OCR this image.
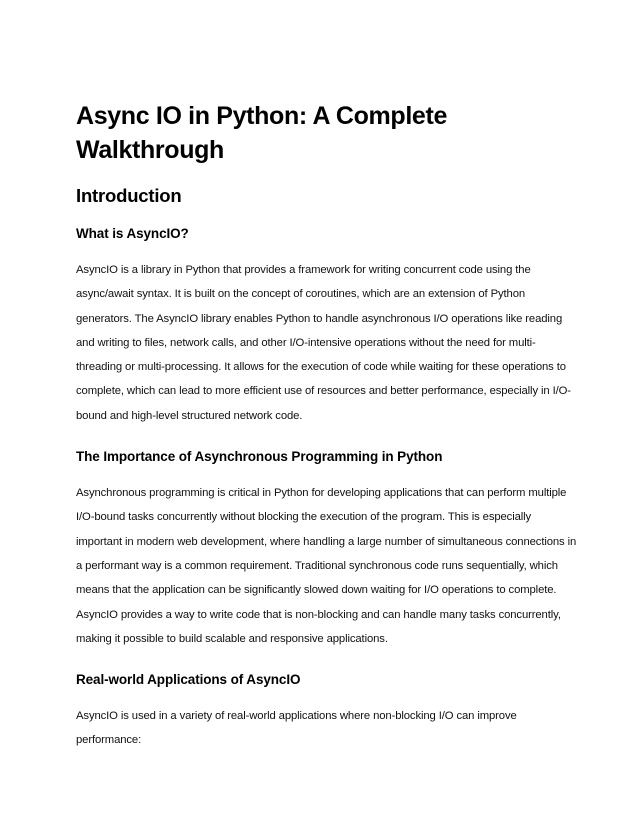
Async IO in Python: A Complete Walkthrough
Introduction
What is AsyncIO?

AsyncIO is a library in Python that provides a framework for writing concurrent code using the async/await syntax. It is built on the concept of coroutines, which are an extension of Python generators. The AsyncIO library enables Python to handle asynchronous I/O operations like reading and writing to files, network calls, and other I/O-intensive operations without the need for multi-threading or multi-processing. It allows for the execution of code while waiting for these operations to complete, which can lead to more efficient use of resources and better performance, especially in I/O-bound and high-level structured network code.

The Importance of Asynchronous Programming in Python

Asynchronous programming is critical in Python for developing applications that can perform multiple I/O-bound tasks concurrently without blocking the execution of the program. This is especially important in modern web development, where handling a large number of simultaneous connections in a performant way is a common requirement. Traditional synchronous code runs sequentially, which means that the application can be significantly slowed down waiting for I/O operations to complete. AsyncIO provides a way to write code that is non-blocking and can handle many tasks concurrently, making it possible to build scalable and responsive applications.

Real-world Applications of AsyncIO

AsyncIO is used in a variety of real-world applications where non-blocking I/O can improve performance:
